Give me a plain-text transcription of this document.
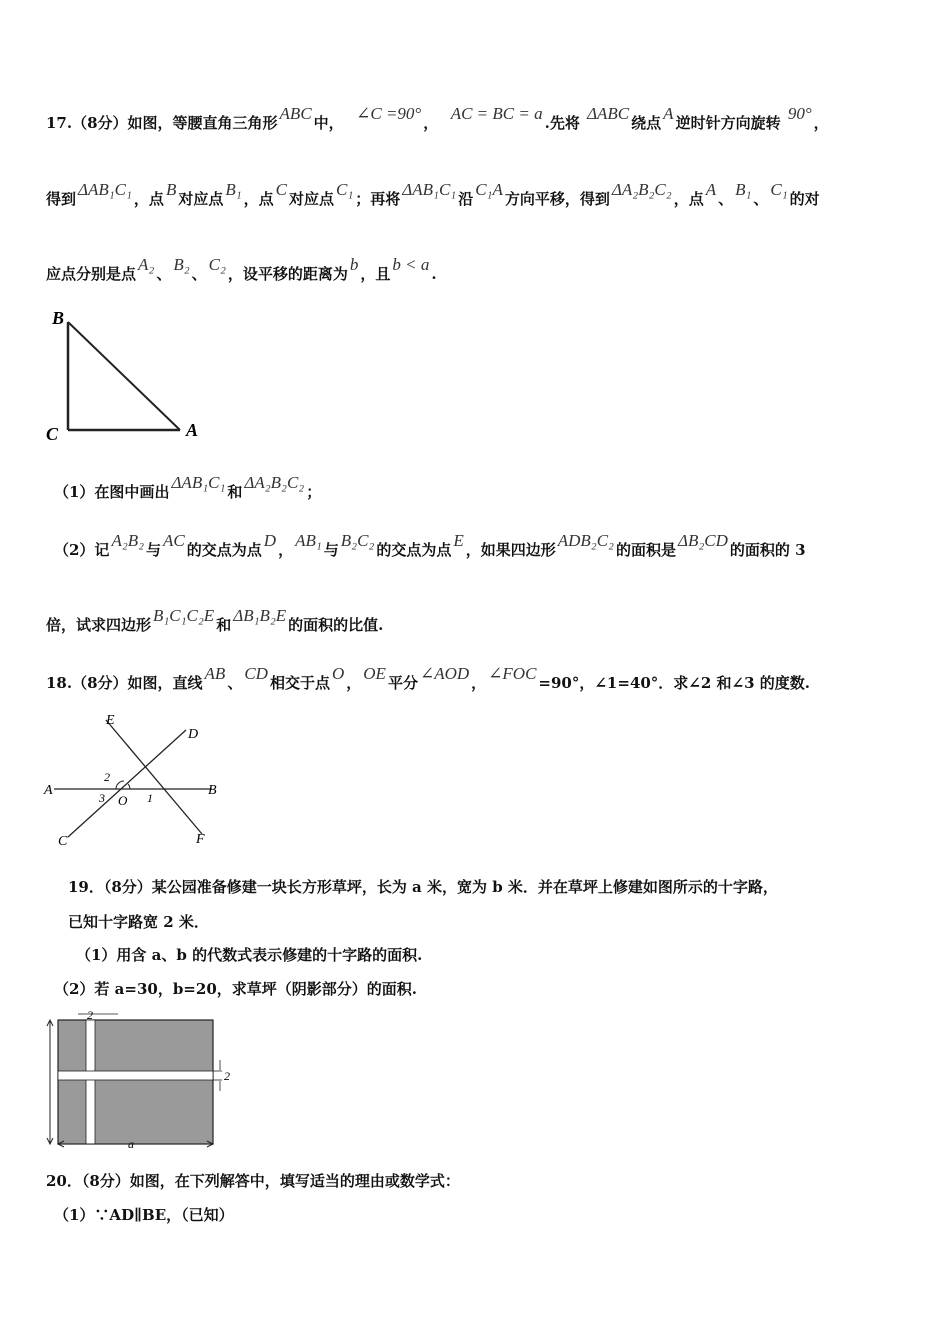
17.（8分）如图，等腰直角三角形 ABC 中， ∠C =90° ， AC = BC = a .先将 ΔABC 绕点 A 逆时针方向旋转 90° ，
得到 ΔAB₁C₁ ，点 B 对应点 B₁ ，点 C 对应点 C₁ ；再将 ΔAB₁C₁ 沿 C₁A 方向平移，得到 ΔA₂B₂C₂ ，点 A 、 B₁ 、 C₁ 的对
应点分别是点 A₂ 、 B₂ 、 C₂ ，设平移的距离为 b ，且 b < a .
B
C	A
（1）在图中画出 ΔAB₁C₁ 和 ΔA₂B₂C₂ ；
（2）记 A₂B₂ 与 AC 的交点为点 D ， AB₁ 与 B₂C₂ 的交点为点 E ，如果四边形 ADB₂C₂ 的面积是 ΔB₂CD 的面积的 3
倍，试求四边形 B₁C₁C₂E 和 ΔB₁B₂E 的面积的比值.
18.（8分）如图，直线 AB 、 CD 相交于点 O ， OE 平分 ∠AOD ， ∠FOC =90°，∠1=40°．求∠2 和∠3 的度数.
E
D
A	B
C	F
O 1
2
3
19．（8分）某公园准备修建一块长方形草坪，长为 a 米，宽为 b 米．并在草坪上修建如图所示的十字路，
已知十字路宽 2 米．
（1）用含 a、b 的代数式表示修建的十字路的面积.
（2）若 a=30，b=20，求草坪（阴影部分）的面积.
2
2
b
a
20．（8分）如图，在下列解答中，填写适当的理由或数学式：
（1）∵AD∥BE，（已知）
